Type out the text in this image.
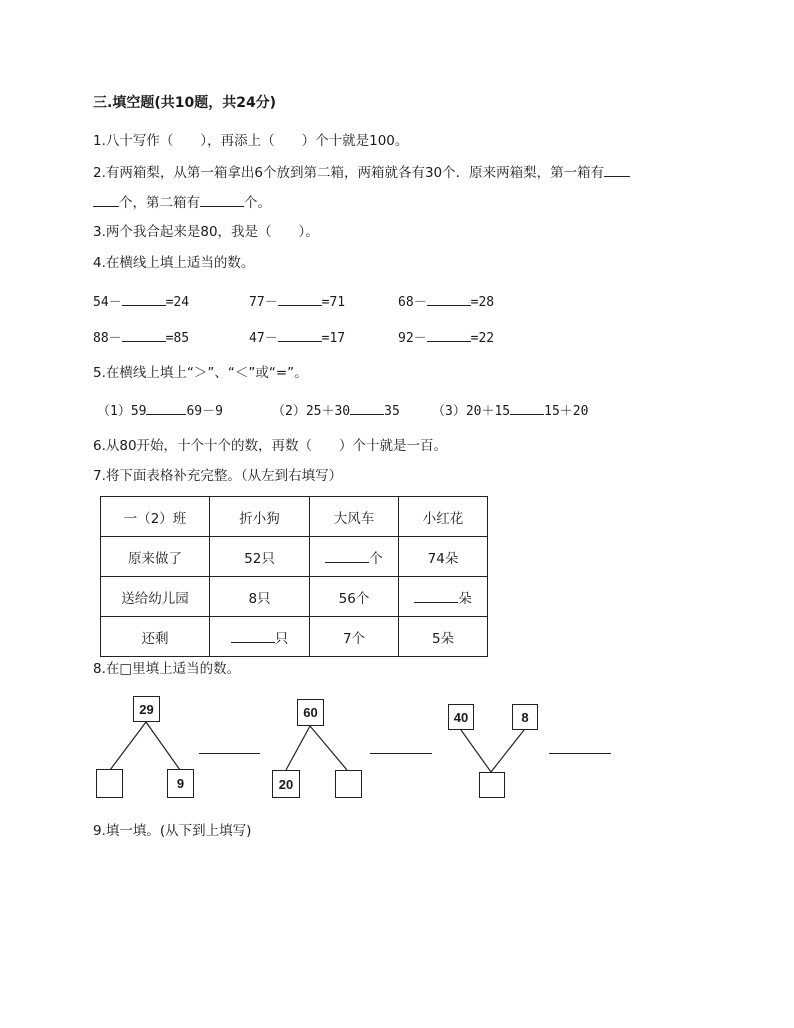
三.填空题(共10题，共24分)
1.八十写作（　　），再添上（　　）个十就是100。
2.有两箱梨，从第一箱拿出6个放到第二箱，两箱就各有30个．原来两箱梨，第一箱有
个，第二箱有	个。
3.两个我合起来是80，我是（　　）。
4.在横线上填上适当的数。
54－	=24	77－	=71	68－	=28
88－	=85	47－	=17	92－	=22
5.在横线上填上“＞”、“＜”或“=”。
（1）59	69－9	（2）25＋30	35 （3）20＋15	15＋20
6.从80开始，十个十个的数，再数（　　）个十就是一百。
7.将下面表格补充完整。（从左到右填写）
一（2）班	折小狗	大风车	小红花
原来做了	52只	个	74朵
送给幼儿园	8只	56个	朵
还剩	只	7个	5朵
8.在□里填上适当的数。
29
9
60
20
40	8
9.填一填。(从下到上填写)
